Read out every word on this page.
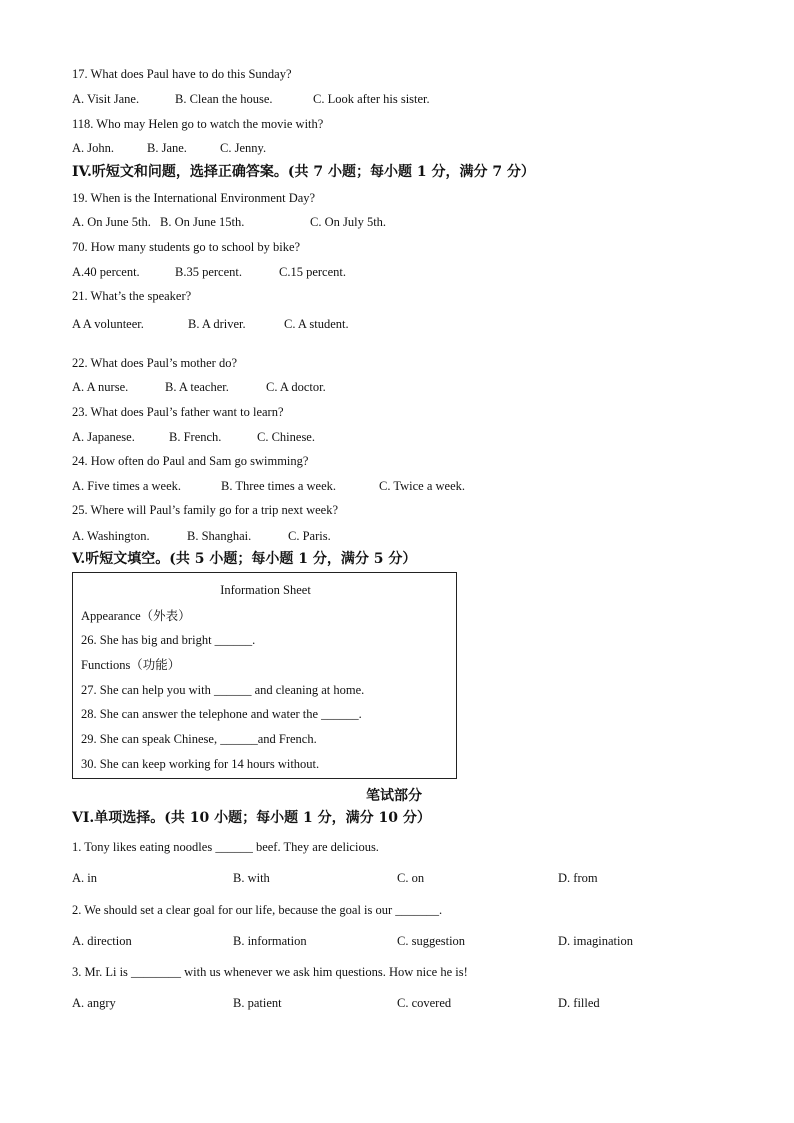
17. What does Paul have to do this Sunday?
A. Visit Jane.	B. Clean the house.	C. Look after his sister.
118. Who may Helen go to watch the movie with?
A. John.	B. Jane.	C. Jenny.
IV.听短文和问题，选择正确答案。(共 7 小题；每小题 1 分，满分 7 分）
19. When is the International Environment Day?
A. On June 5th. B. On June 15th.	C. On July 5th.
70. How many students go to school by bike?
A.40 percent.	B.35 percent.	C.15 percent.
21. What’s the speaker?
A A volunteer.	B. A driver.	C. A student.
22. What does Paul’s mother do?
A. A nurse.	B. A teacher.	C. A doctor.
23. What does Paul’s father want to learn?
A. Japanese.	B. French.	C. Chinese.
24. How often do Paul and Sam go swimming?
A. Five times a week.	B. Three times a week.	C. Twice a week.
25. Where will Paul’s family go for a trip next week?
A. Washington.	B. Shanghai.	C. Paris.
V.听短文填空。(共 5 小题；每小题 1 分，满分 5 分）
Information Sheet
Appearance（外表）
26. She has big and bright ______.
Functions（功能）
27. She can help you with ______ and cleaning at home.
28. She can answer the telephone and water the ______.
29. She can speak Chinese, ______and French.
30. She can keep working for 14 hours without.
笔试部分
VI.单项选择。(共 10 小题；每小题 1 分，满分 10 分）
1. Tony likes eating noodles ______ beef. They are delicious.
A. in	B. with	C. on	D. from
2. We should set a clear goal for our life, because the goal is our _______.
A. direction	B. information	C. suggestion	D. imagination
3. Mr. Li is ________ with us whenever we ask him questions. How nice he is!
A. angry	B. patient	C. covered	D. filled
